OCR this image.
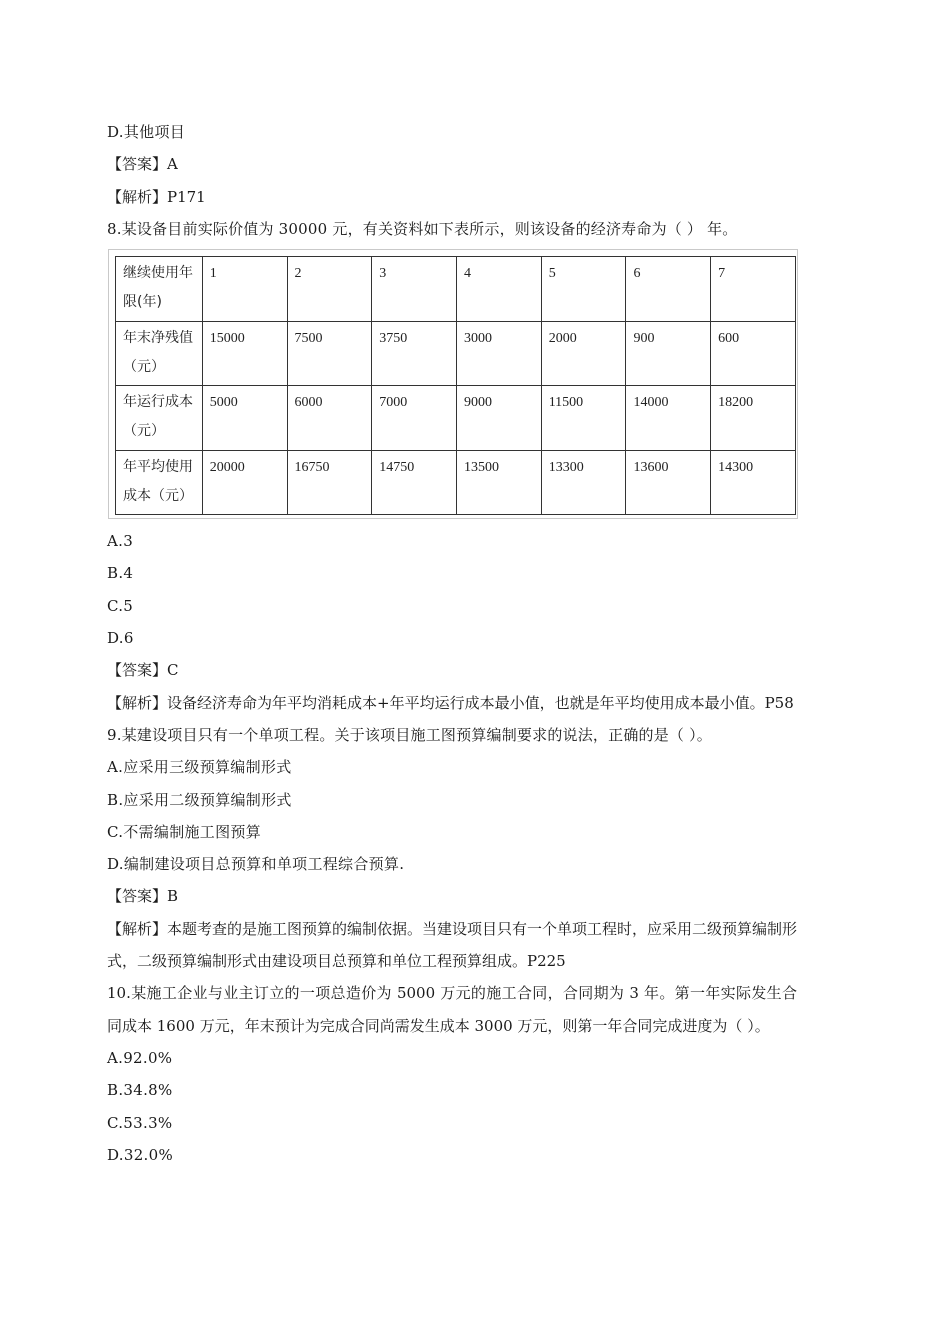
D.其他项目
【答案】A
【解析】P171
8.某设备目前实际价值为 30000 元，有关资料如下表所示，则该设备的经济寿命为（ ） 年。
继续使用年限(年)	1	2	3	4	5	6	7
年末净残值（元）	15000	7500	3750	3000	2000	900	600
年运行成本（元）	5000	6000	7000	9000	11500	14000	18200
年平均使用成本（元）	20000	16750	14750	13500	13300	13600	14300
A.3
B.4
C.5
D.6
【答案】C
【解析】设备经济寿命为年平均消耗成本+年平均运行成本最小值，也就是年平均使用成本最小值。P58
9.某建设项目只有一个单项工程。关于该项目施工图预算编制要求的说法，正确的是（ ）。
A.应采用三级预算编制形式
B.应采用二级预算编制形式
C.不需编制施工图预算
D.编制建设项目总预算和单项工程综合预算.
【答案】B
【解析】本题考查的是施工图预算的编制依据。当建设项目只有一个单项工程时，应采用二级预算编制形式，二级预算编制形式由建设项目总预算和单位工程预算组成。P225
10.某施工企业与业主订立的一项总造价为 5000 万元的施工合同，合同期为 3 年。第一年实际发生合同成本 1600 万元，年末预计为完成合同尚需发生成本 3000 万元，则第一年合同完成进度为（ ）。
A.92.0%
B.34.8%
C.53.3%
D.32.0%
